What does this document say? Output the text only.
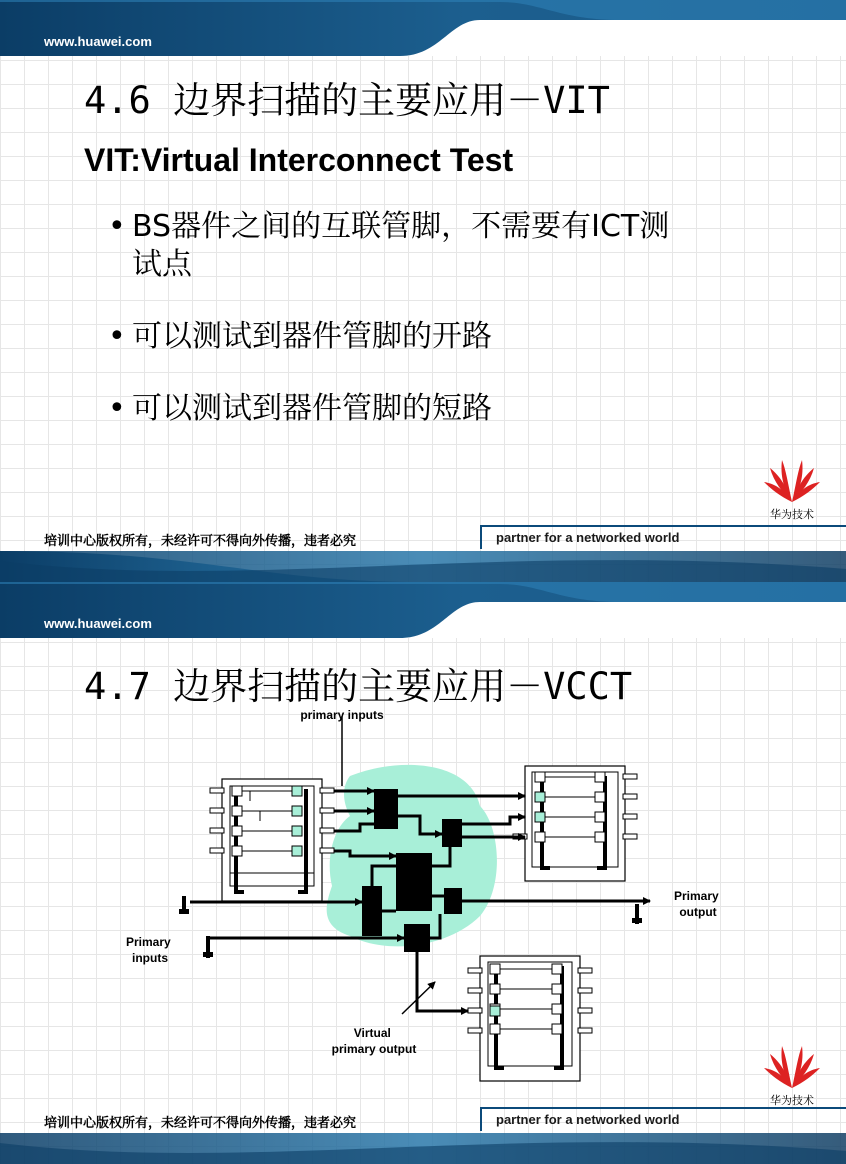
www.huawei.com
4.6 边界扫描的主要应用－VIT
VIT:Virtual Interconnect Test
• BS器件之间的互联管脚，不需要有ICT测试点
• 可以测试到器件管脚的开路
• 可以测试到器件管脚的短路
华为技术
培训中心版权所有，未经许可不得向外传播，违者必究	partner for a networked world
www.huawei.com
4.7 边界扫描的主要应用－VCCT
primary inputs
Primary output
Primary inputs
Virtual primary output
华为技术
培训中心版权所有，未经许可不得向外传播，违者必究	partner for a networked world
